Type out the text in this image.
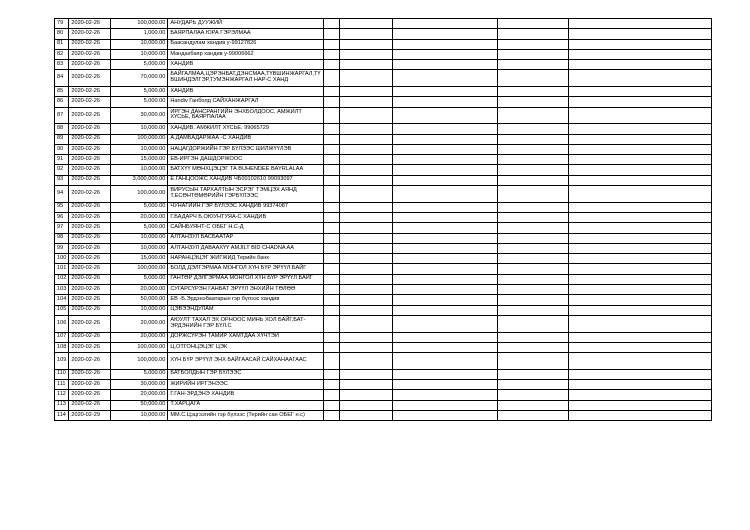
79	2020-02-26	100,000.00	АНУДАРЬ ДУУЖИЙ					
80	2020-02-26	1,000.00	БАЯРПАЛАА ЮРА ГЭРЭЛМАА					
81	2020-02-26	10,000.00	Баасандулам хандив у-99127826					
82	2020-02-26	10,000.00	Мандахбаяр хандив у-99006662					
83	2020-02-26	5,000.00	ХАНДИВ					
84	2020-02-26	70,000.00	БАЙГАЛМАА,ЦЭРЭНБАТ,ДЭНСМАА,ТҮВШИНЖАРГАЛ,ТҮВШИНДЭЛГЭР,ТУМЭНЖАРГАЛ НАР-С ХАНД					
85	2020-02-26	5,000.00	ХАНДИВ					
86	2020-02-26	5,000.00	Handiv Ганболд САЙХАНЖАРГАЛ					
87	2020-02-26	30,000.00	ИРГЭН ДАНСРАНГИЙН ЭНХБОЛДООС. АМЖИЛТ ХҮСЬЕ, БАЯРПАЛАА					
88	2020-02-26	10,000.00	ХАНДИВ. АМЖИЛТ ХҮСЬЕ. 99065729					
89	2020-02-26	100,000.00	А.ДАМБАДАРЖАА -С ХАНДИВ					
90	2020-02-26	10,000.00	НАЦАГДОРЖИЙН ГЭР БҮЛЭЭС ШИЛЖҮҮЛЭВ					
91	2020-02-26	15,000.00	ЕВ-ИРГЭН ДАШДОРЖООС					
92	2020-02-26	10,000.00	БАТХҮҮ МӨНХЦЭЦЭГ ТА BUHENDEE BAYRLALAA					
93	2020-02-26	3,000,000.00	Е.ГАНЦООЖС ХАНДИВ ЧБ00102610 99093097					
94	2020-02-26	100,000.00	ВИРУСЫН ТАРХАЛТЫН ЭСРЭГ ТЭМЦЭХ АЯНД Т.ЕСӨНТӨМӨРИЙН ГЭРБҮЛЭЭС					
95	2020-02-26	5,000.00	ЧУНАГИЙН ГЭР БҮЛЭЭС ХАНДИВ 99374087					
96	2020-02-26	20,000.00	Г.БАДАРЧ Б.ОЮУНТУЯА-С ХАНДИВ					
97	2020-02-26	5,000.00	САЙНБУЯНТ-С ОБЕГ Н.С-Д					
98	2020-02-26	10,000.00	АЛТАНЗУЛ БАСБААТАР					
99	2020-02-26	10,000.00	АЛТАНЗУЛ ДАВААХҮҮ AMJILT BID CHADNA AA					
100	2020-02-26	15,000.00	НАРАНЦЭЦЭГ ЖИГЖИД Терийн банк					
101	2020-02-26	100,000.00	БОЛД ДЭЛГЭРМАА МОНГОЛ ХҮН БҮР ЭРҮҮЛ БАЙГ					
102	2020-02-26	5,000.00	ГАНТӨР ДЭЛГЭРМАА МОНГОЛ ХҮН БҮР ЭРҮҮЛ БАЙГ					
103	2020-02-26	20,000.00	СУГАРСҮРЭН ГАНБАТ ЭРҮҮЛ ЭНХИЙН ТӨЛӨӨ					
104	2020-02-26	50,000.00	ЕВ -Б.Эрдэнэбаатарын гэр бүлээс хандив					
105	2020-02-26	10,000.00	ЦЭВЭЭНДУЛАМ					
106	2020-02-26	20,000.00	АЮУЛТ ТАХАЛ ЭХ ОРНООС МИНЬ ХОЛ БАЙГ,БАТ-ЭРДЭНИЙН ГЭР БҮЛ.С					
107	2020-02-26	20,000.00	ДОРЖСҮРЭН ТАМИР ХАМТДАА ХҮЧТЭЙ					
108	2020-02-26	100,000.00	Ц.ОТГОНЦЭЦЭГ ЦЭК					
109	2020-02-26	100,000.00	ХҮН БҮР ЭРҮҮЛ ЭНХ БАЙГААСАЙ САЙХАНААГААС					
110	2020-02-26	5,000.00	БАТБОЛДЫН ГЭР БҮЛЭЭС					
111	2020-02-26	30,000.00	ЖИРИЙН ИРГЭНЭЭС					
112	2020-02-26	20,000.00	Г.ГАН-ЭРДЭНЭ ХАНДИВ					
113	2020-02-26	50,000.00	Т.ХАРЦАГА					
114	2020-02-29	10,000.00	ММ.С.Цэцгээгийн гэр бүлээс (Терийн сан ОБЕГ н.с)					
